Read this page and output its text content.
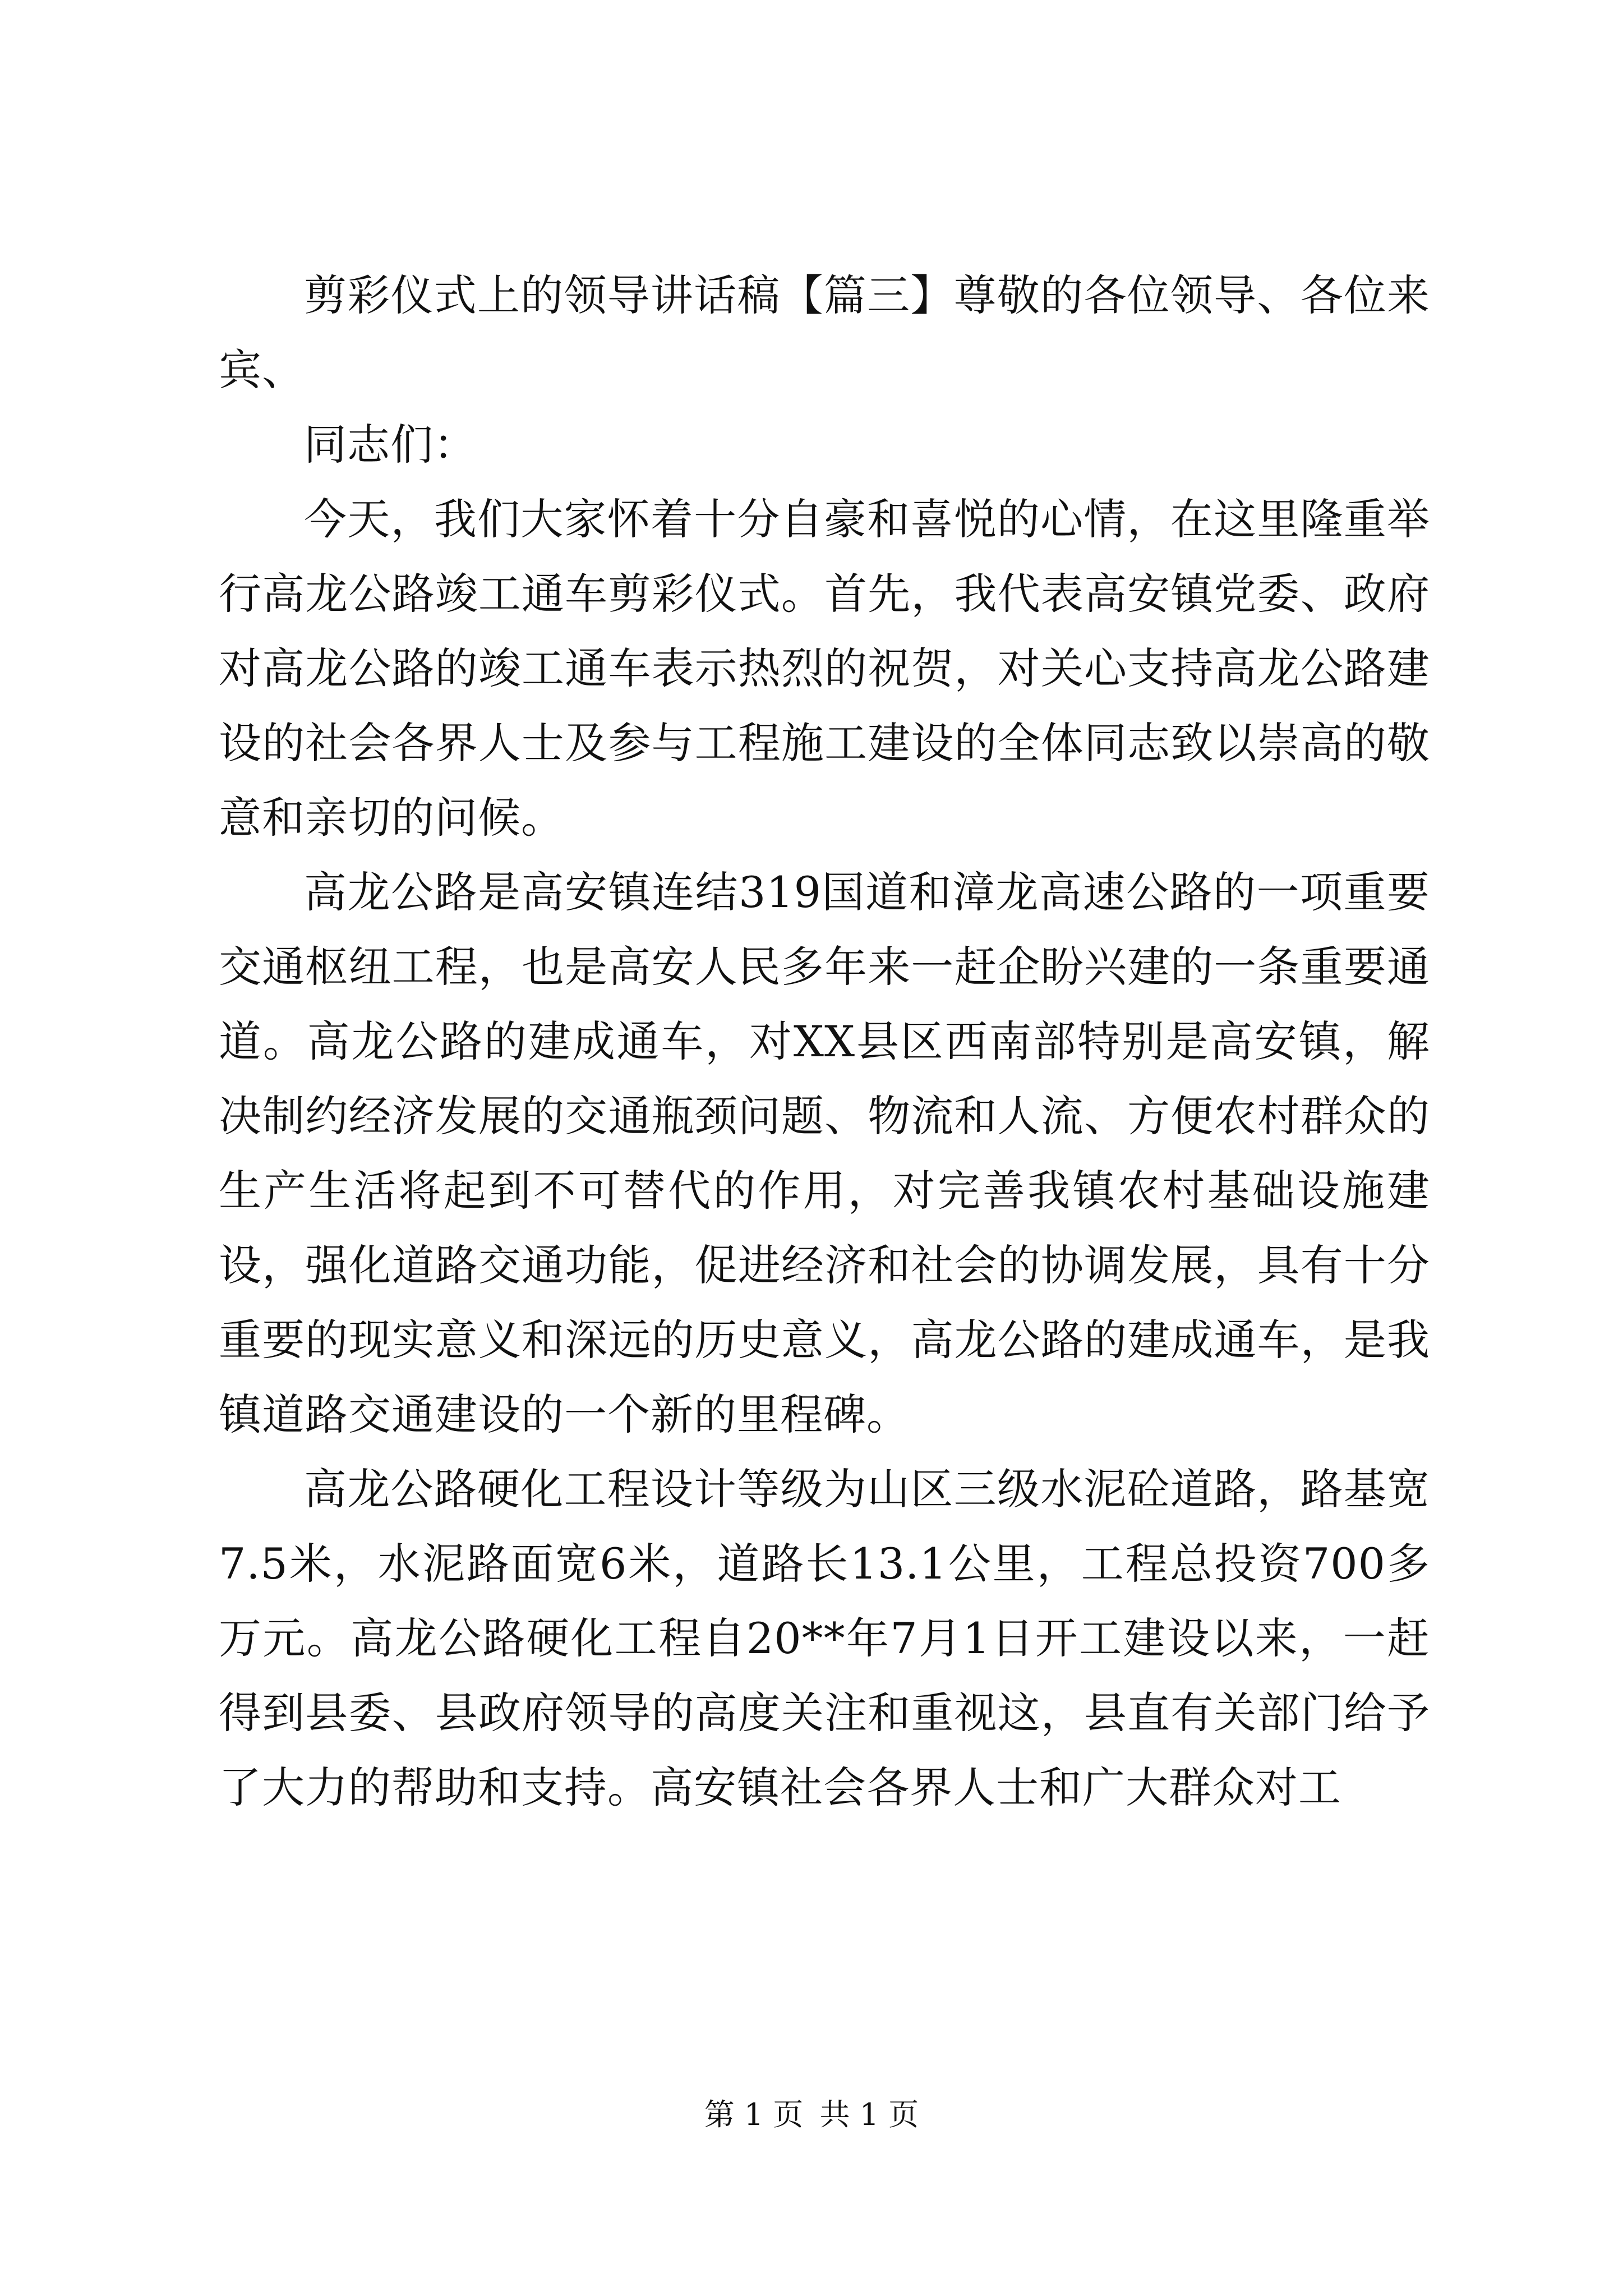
剪彩仪式上的领导讲话稿【篇三】尊敬的各位领导、各位来宾、

同志们：

今天，我们大家怀着十分自豪和喜悦的心情，在这里隆重举行高龙公路竣工通车剪彩仪式。首先，我代表高安镇党委、政府对高龙公路的竣工通车表示热烈的祝贺，对关心支持高龙公路建设的社会各界人士及参与工程施工建设的全体同志致以崇高的敬意和亲切的问候。

高龙公路是高安镇连结319国道和漳龙高速公路的一项重要交通枢纽工程，也是高安人民多年来一赶企盼兴建的一条重要通道。高龙公路的建成通车，对XX县区西南部特别是高安镇，解决制约经济发展的交通瓶颈问题、物流和人流、方便农村群众的生产生活将起到不可替代的作用，对完善我镇农村基础设施建设，强化道路交通功能，促进经济和社会的协调发展，具有十分重要的现实意义和深远的历史意义，高龙公路的建成通车，是我镇道路交通建设的一个新的里程碑。

高龙公路硬化工程设计等级为山区三级水泥砼道路，路基宽7.5米，水泥路面宽6米，道路长13.1公里，工程总投资700多万元。高龙公路硬化工程自20**年7月1日开工建设以来，一赶得到县委、县政府领导的高度关注和重视这，县直有关部门给予了大力的帮助和支持。高安镇社会各界人士和广大群众对工

第 1 页 共 1 页
